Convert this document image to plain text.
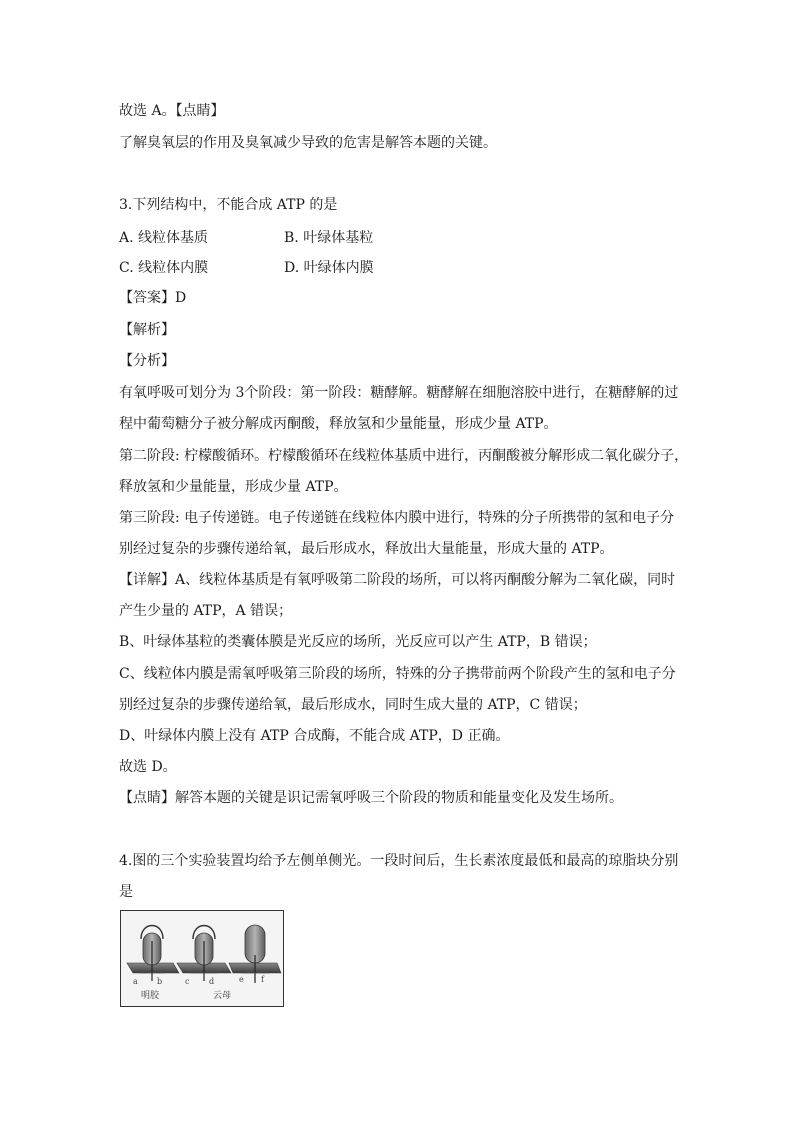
故选 A。【点睛】
了解臭氧层的作用及臭氧减少导致的危害是解答本题的关键。
3.下列结构中，不能合成 ATP 的是
A. 线粒体基质	B. 叶绿体基粒
C. 线粒体内膜	D. 叶绿体内膜
【答案】D
【解析】
【分析】
有氧呼吸可划分为 3个阶段：第一阶段：糖酵解。糖酵解在细胞溶胶中进行，在糖酵解的过
程中葡萄糖分子被分解成丙酮酸，释放氢和少量能量，形成少量 ATP。
第二阶段: 柠檬酸循环。柠檬酸循环在线粒体基质中进行，丙酮酸被分解形成二氧化碳分子，
释放氢和少量能量，形成少量 ATP。
第三阶段: 电子传递链。电子传递链在线粒体内膜中进行，特殊的分子所携带的氢和电子分
别经过复杂的步骤传递给氧，最后形成水，释放出大量能量，形成大量的 ATP。
【详解】A、线粒体基质是有氧呼吸第二阶段的场所，可以将丙酮酸分解为二氧化碳，同时
产生少量的 ATP，A 错误；
B、叶绿体基粒的类囊体膜是光反应的场所，光反应可以产生 ATP，B 错误；
C、线粒体内膜是需氧呼吸第三阶段的场所，特殊的分子携带前两个阶段产生的氢和电子分
别经过复杂的步骤传递给氧，最后形成水，同时生成大量的 ATP，C 错误；
D、叶绿体内膜上没有 ATP 合成酶，不能合成 ATP，D 正确。
故选 D。
【点睛】解答本题的关键是识记需氧呼吸三个阶段的物质和能量变化及发生场所。
4.图的三个实验装置均给予左侧单侧光。一段时间后，生长素浓度最低和最高的琼脂块分别
是
a b	c d	e f
明胶	云母
